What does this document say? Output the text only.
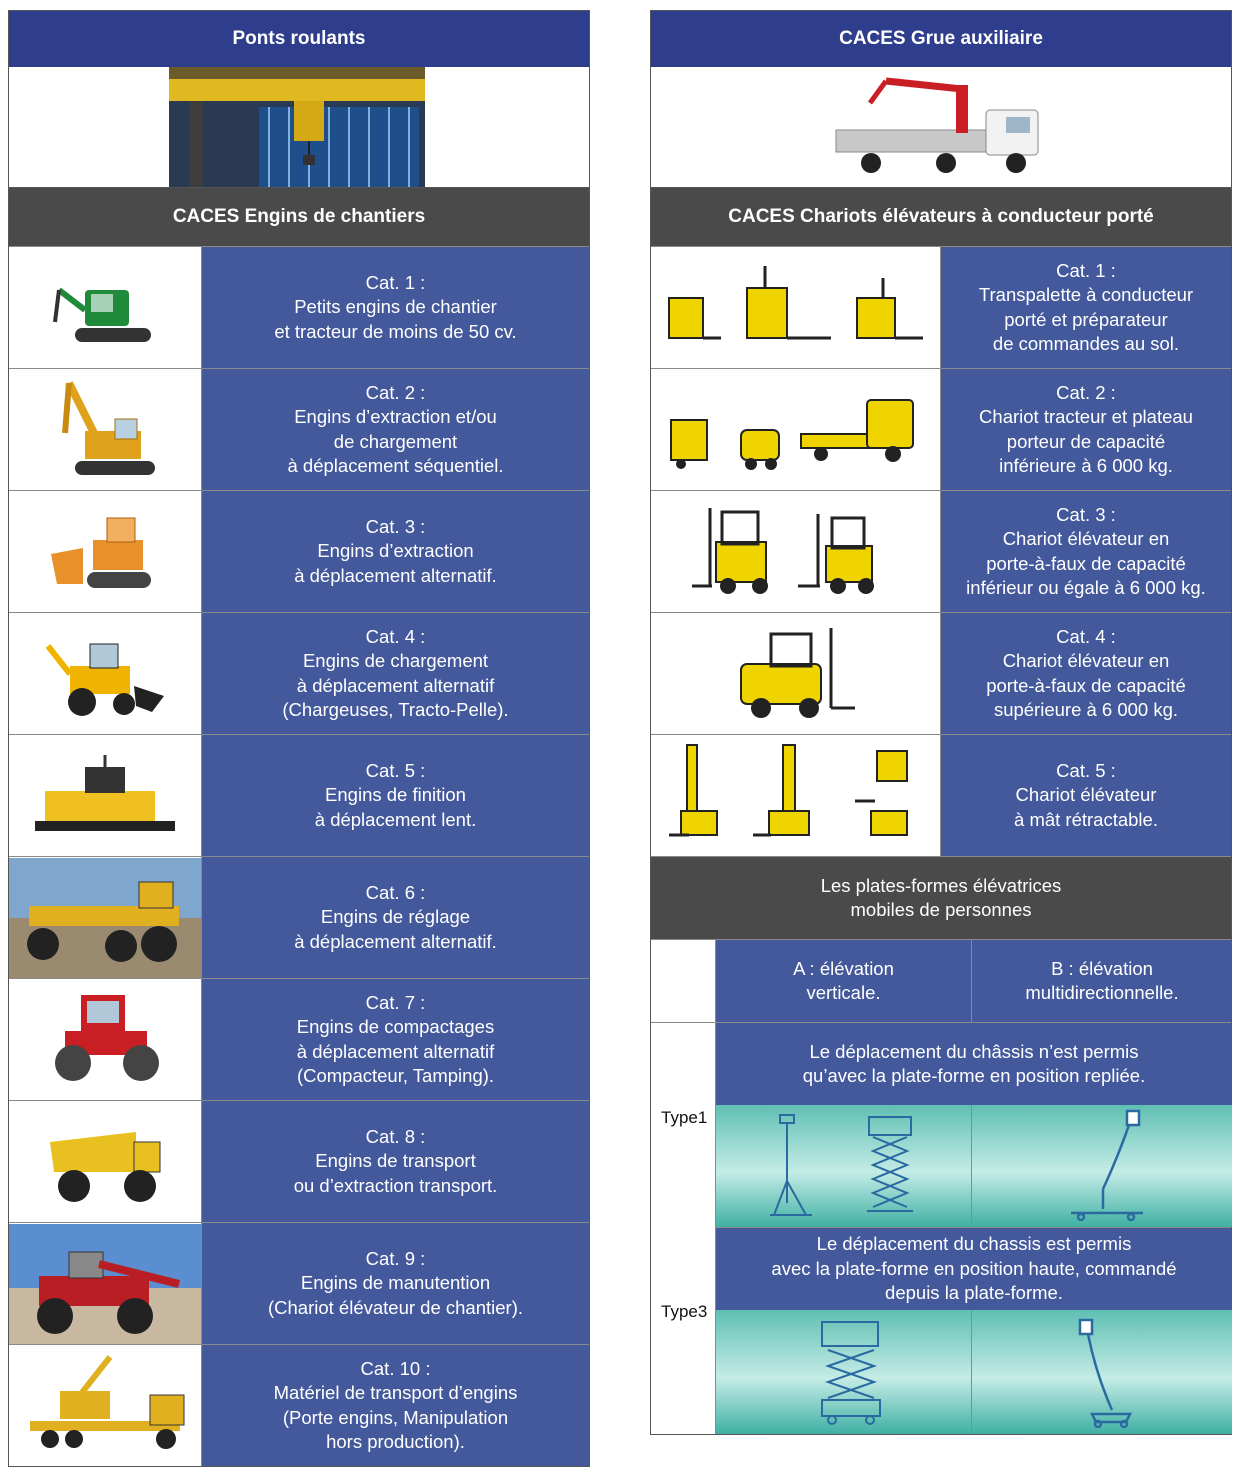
Ponts roulants
CACES Engins de chantiers
Cat. 1 :
Petits engins de chantier
et tracteur de moins de 50 cv.
Cat. 2 :
Engins d’extraction et/ou
de chargement
à déplacement séquentiel.
Cat. 3 :
Engins d’extraction
à déplacement alternatif.
Cat. 4 :
Engins de chargement
à déplacement alternatif
(Chargeuses, Tracto-Pelle).
Cat. 5 :
Engins de finition
à déplacement lent.
Cat. 6 :
Engins de réglage
à déplacement alternatif.
Cat. 7 :
Engins de compactages
à déplacement alternatif
(Compacteur, Tamping).
Cat. 8 :
Engins de transport
ou d’extraction transport.
Cat. 9 :
Engins de manutention
(Chariot élévateur de chantier).
Cat. 10 :
Matériel de transport d’engins
(Porte engins, Manipulation
hors production).
CACES Grue auxiliaire
CACES Chariots élévateurs à conducteur porté
Cat. 1 :
Transpalette à conducteur
porté et préparateur
de commandes au sol.
Cat. 2 :
Chariot tracteur et plateau
porteur de capacité
inférieure à 6 000 kg.
Cat. 3 :
Chariot élévateur en
porte-à-faux de capacité
inférieur ou égale à 6 000 kg.
Cat. 4 :
Chariot élévateur en
porte-à-faux de capacité
supérieure à 6 000 kg.
Cat. 5 :
Chariot élévateur
à mât rétractable.
Les plates-formes élévatrices
mobiles de personnes
A : élévation
verticale.
B : élévation
multidirectionnelle.
Le déplacement du châssis n’est permis
qu’avec la plate-forme en position repliée.
Type1
Le déplacement du chassis est permis
avec la plate-forme en position haute, commandé
depuis la plate-forme.
Type3
